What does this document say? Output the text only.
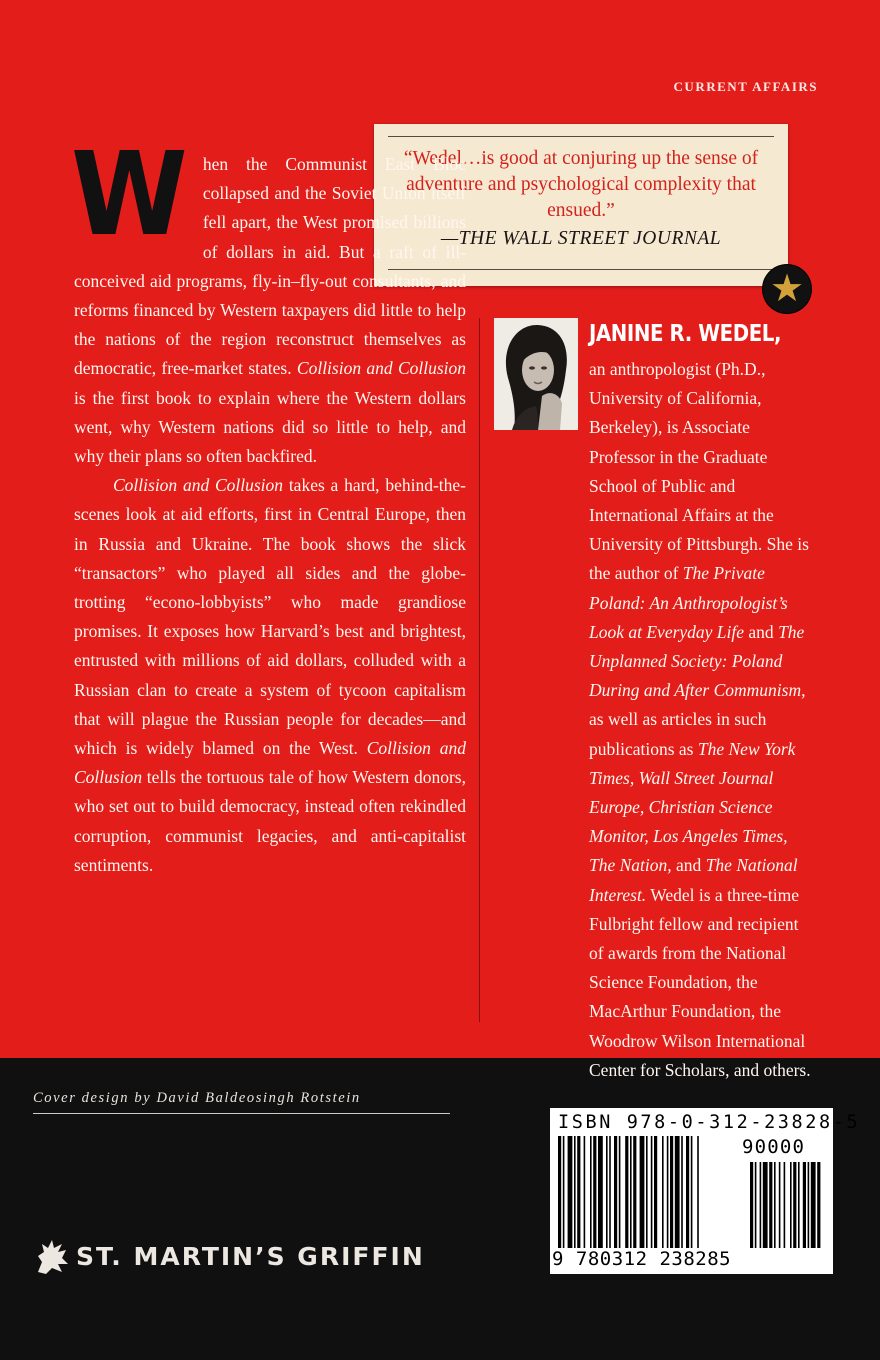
CURRENT AFFAIRS
“Wedel…is good at conjuring up the sense of adventure and psychological complexity that ensued.”
—THE WALL STREET JOURNAL
★
W	hen the Communist East Bloc collapsed and the Soviet Union itself fell apart, the West promised billions of dollars in aid. But a raft of ill-conceived aid programs, fly-in–fly-out consultants, and reforms financed by Western taxpayers did little to help the nations of the region reconstruct themselves as democratic, free-market states. Collision and Collusion is the first book to explain where the Western dollars went, why Western nations did so little to help, and why their plans so often backfired.

Collision and Collusion takes a hard, behind-the-scenes look at aid efforts, first in Central Europe, then in Russia and Ukraine. The book shows the slick “transactors” who played all sides and the globe-trotting “econo-lobbyists” who made grandiose promises. It exposes how Harvard’s best and brightest, entrusted with millions of aid dollars, colluded with a Russian clan to create a system of tycoon capitalism that will plague the Russian people for decades—and which is widely blamed on the West. Collision and Collusion tells the tortuous tale of how Western donors, who set out to build democracy, instead often rekindled corruption, communist legacies, and anti-capitalist sentiments.

JANINE R. WEDEL,

an anthropologist (Ph.D., University of California, Berkeley), is Associate Professor in the Graduate School of Public and International Affairs at the University of Pittsburgh. She is the author of The Private Poland: An Anthropologist’s Look at Everyday Life and The Unplanned Society: Poland During and After Communism, as well as articles in such publications as The New York Times, Wall Street Journal Europe, Christian Science Monitor, Los Angeles Times, The Nation, and The National Interest. Wedel is a three-time Fulbright fellow and recipient of awards from the National Science Foundation, the MacArthur Foundation, the Woodrow Wilson International Center for Scholars, and others.

Cover design by David Baldeosingh Rotstein
ST. MARTIN’S GRIFFIN
ISBN 978-0-312-23828-5
90000
9 780312 238285
